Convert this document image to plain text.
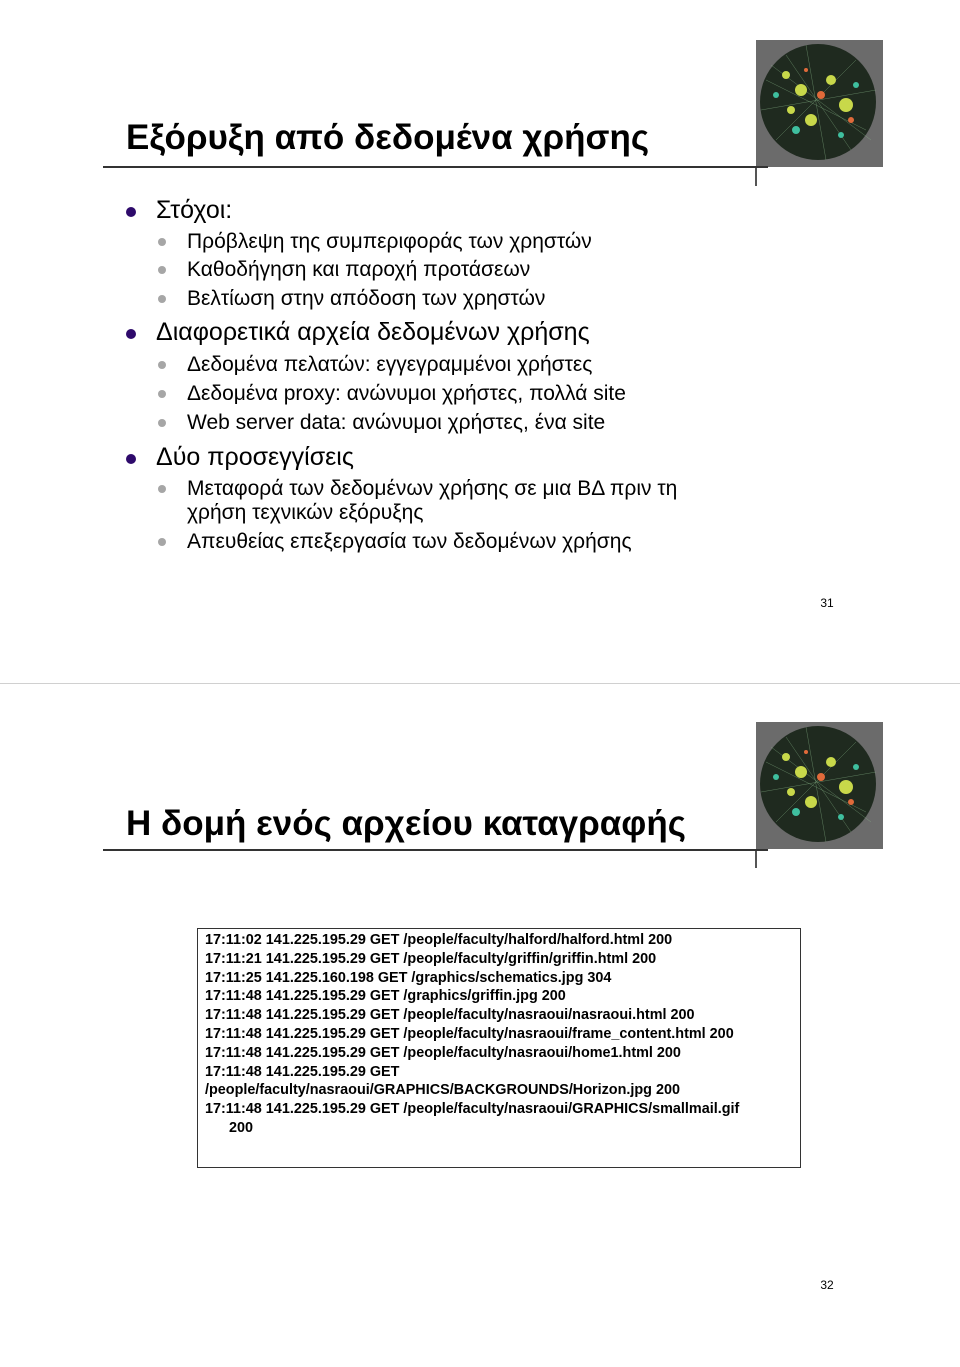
Εξόρυξη από δεδομένα χρήσης
Στόχοι:
Πρόβλεψη της συμπεριφοράς των χρηστών
Καθοδήγηση και παροχή προτάσεων
Βελτίωση στην απόδοση των χρηστών
Διαφορετικά αρχεία δεδομένων χρήσης
Δεδομένα πελατών: εγγεγραμμένοι χρήστες
Δεδομένα proxy: ανώνυμοι χρήστες, πολλά site
Web server data: ανώνυμοι χρήστες, ένα site
Δύο προσεγγίσεις
Μεταφορά των δεδομένων χρήσης σε μια ΒΔ πριν τη
χρήση τεχνικών εξόρυξης
Απευθείας επεξεργασία των δεδομένων χρήσης
31
Η δομή ενός αρχείου καταγραφής
17:11:02 141.225.195.29 GET /people/faculty/halford/halford.html 200
17:11:21 141.225.195.29 GET /people/faculty/griffin/griffin.html 200
17:11:25 141.225.160.198 GET /graphics/schematics.jpg 304
17:11:48 141.225.195.29 GET /graphics/griffin.jpg 200
17:11:48 141.225.195.29 GET /people/faculty/nasraoui/nasraoui.html 200
17:11:48 141.225.195.29 GET /people/faculty/nasraoui/frame_content.html 200
17:11:48 141.225.195.29 GET /people/faculty/nasraoui/home1.html 200
17:11:48 141.225.195.29 GET
/people/faculty/nasraoui/GRAPHICS/BACKGROUNDS/Horizon.jpg 200
17:11:48 141.225.195.29 GET /people/faculty/nasraoui/GRAPHICS/smallmail.gif
200
32
